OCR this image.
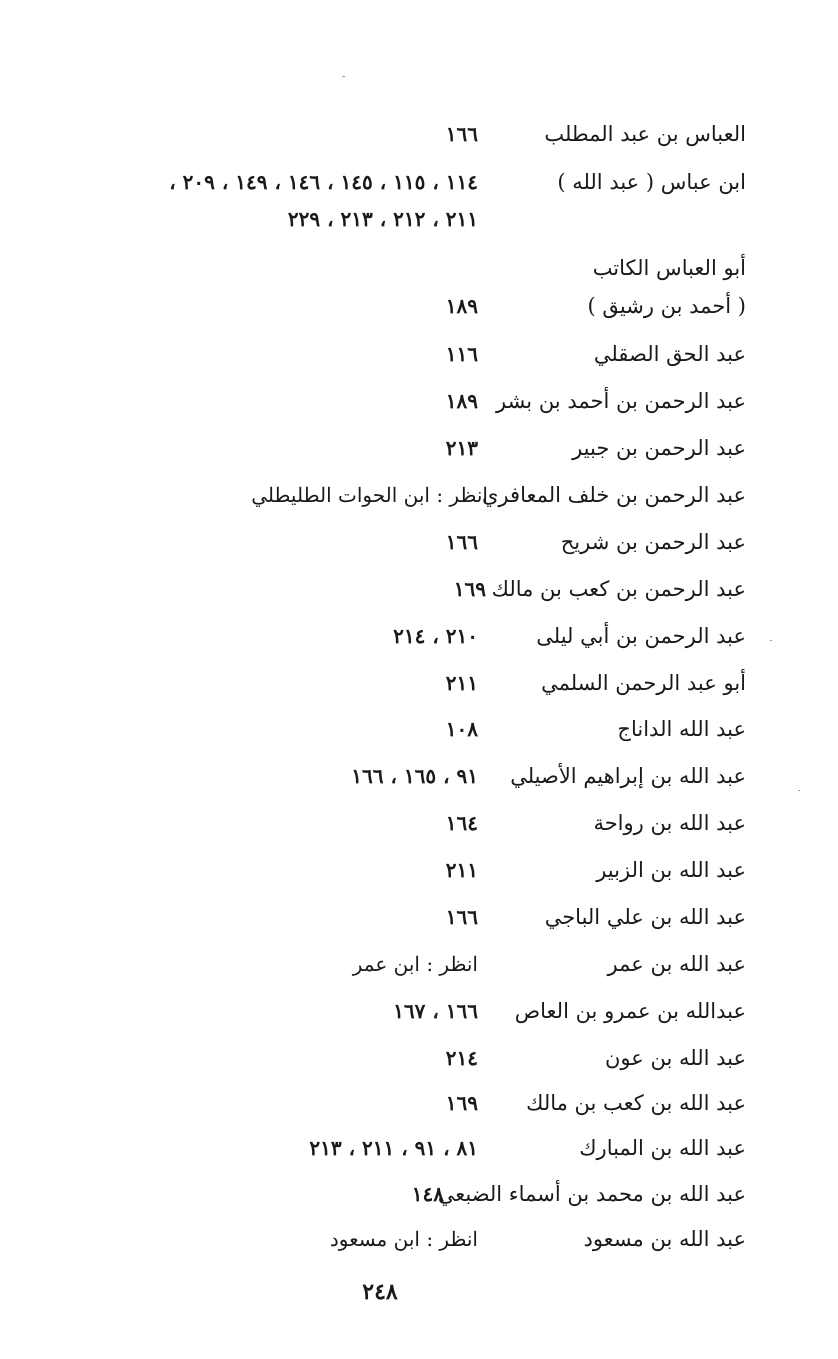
العباس بن عبد المطلب
١٦٦
ابن عباس ( عبد الله )
١١٤ ، ١١٥ ، ١٤٥ ، ١٤٦ ، ١٤٩ ، ٢٠٩ ،
٢١١ ، ٢١٢ ، ٢١٣ ، ٢٢٩
أبو العباس الكاتب
( أحمد بن رشيق )
١٨٩
عبد الحق الصقلي
١١٦
عبد الرحمن بن أحمد بن بشر
١٨٩
عبد الرحمن بن جبير
٢١٣
عبد الرحمن بن خلف المعافري
انظر : ابن الحوات الطليطلي
عبد الرحمن بن شريح
١٦٦
عبد الرحمن بن كعب بن مالك
١٦٩
عبد الرحمن بن أبي ليلى
٢١٠ ، ٢١٤
أبو عبد الرحمن السلمي
٢١١
عبد الله الداناج
١٠٨
عبد الله بن إبراهيم الأصيلي
٩١ ، ١٦٥ ، ١٦٦
عبد الله بن رواحة
١٦٤
عبد الله بن الزبير
٢١١
عبد الله بن علي الباجي
١٦٦
عبد الله بن عمر
انظر : ابن عمر
عبدالله بن عمرو بن العاص
١٦٦ ، ١٦٧
عبد الله بن عون
٢١٤
عبد الله بن كعب بن مالك
١٦٩
عبد الله بن المبارك
٨١ ، ٩١ ، ٢١١ ، ٢١٣
عبد الله بن محمد بن أسماء الضبعي
١٤٨
عبد الله بن مسعود
انظر : ابن مسعود
٢٤٨
